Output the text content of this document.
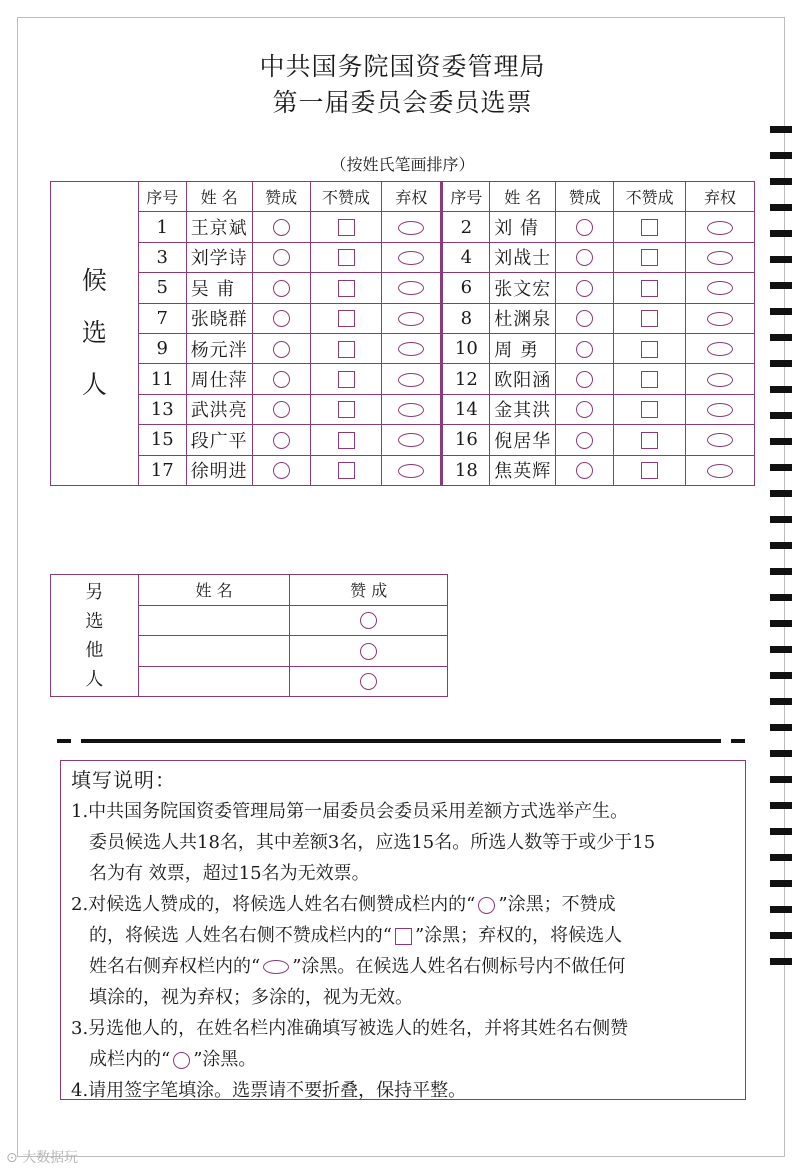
中共国务院国资委管理局
第一届委员会委员选票
（按姓氏笔画排序）
候
选
人	序号	姓 名	赞成	不赞成	弃权	序号	姓 名	赞成	不赞成	弃权
	1	王京斌				2	刘 倩			
	3	刘学诗				4	刘战士			
	5	吴 甫				6	张文宏			
	7	张晓群				8	杜渊泉			
	9	杨元泮				10	周 勇			
	11	周仕萍				12	欧阳涵			
	13	武洪亮				14	金其洪			
	15	段广平				16	倪居华			
	17	徐明进				18	焦英辉			
另
选
他
人	姓 名	赞 成

填写说明：

1.中共国务院国资委管理局第一届委员会委员采用差额方式选举产生。

委员候选人共18名，其中差额3名，应选15名。所选人数等于或少于15

名为有 效票，超过15名为无效票。

2.对候选人赞成的，将候选人姓名右侧赞成栏内的“ ”涂黑；不赞成

的，将候选 人姓名右侧不赞成栏内的“ ”涂黑；弃权的，将候选人

姓名右侧弃权栏内的“ ”涂黑。在候选人姓名右侧标号内不做任何

填涂的，视为弃权；多涂的，视为无效。

3.另选他人的，在姓名栏内准确填写被选人的姓名，并将其姓名右侧赞

成栏内的“ ”涂黑。

4.请用签字笔填涂。选票请不要折叠，保持平整。

⊙ 大数据玩
